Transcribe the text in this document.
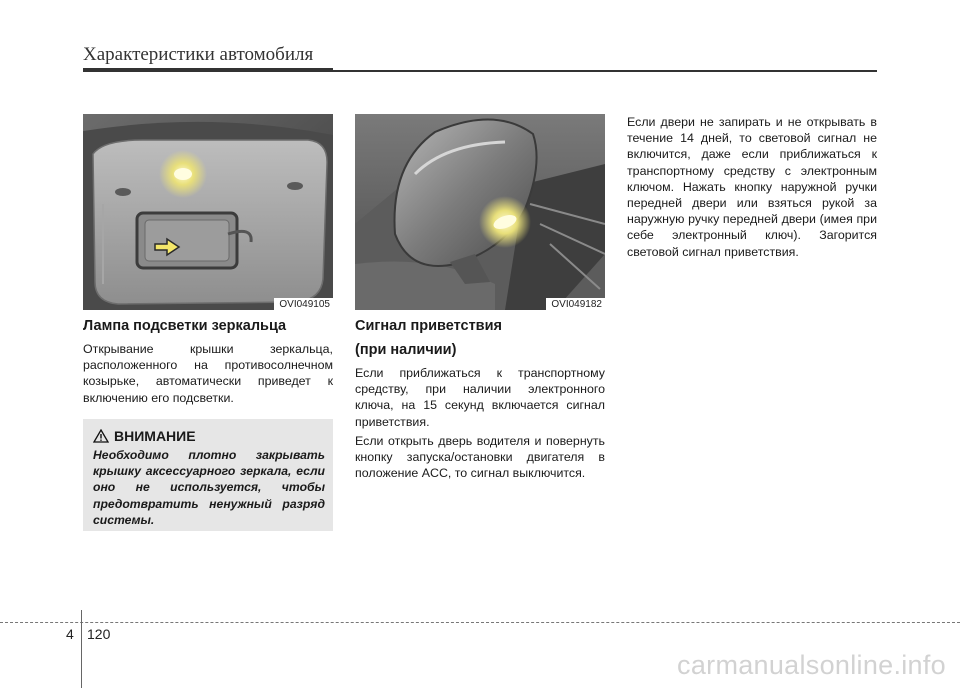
Характеристики автомобиля
OVI049105	OVI049182

Лампа подсветки зеркальца

Открывание крышки зеркальца, расположенного на противосолнечном козырьке, автоматически приведет к включению его подсветки.

ВНИМАНИЕ
Необходимо плотно закрывать крышку аксессуарного зеркала, если оно не используется, чтобы предотвратить ненужный разряд системы.

Сигнал приветствия

(при наличии)

Если приближаться к транспортному средству, при наличии электронного ключа, на 15 секунд включается сигнал приветствия.

Если открыть дверь водителя и повернуть кнопку запуска/остановки двигателя в положение ACC, то сигнал выключится.

Если двери не запирать и не открывать в течение 14 дней, то световой сигнал не включится, даже если приближаться к транспортному средству с электронным ключом. Нажать кнопку наружной ручки передней двери или взяться рукой за наружную ручку передней двери (имея при себе электронный ключ). Загорится световой сигнал приветствия.

4 120
carmanualsonline.info
